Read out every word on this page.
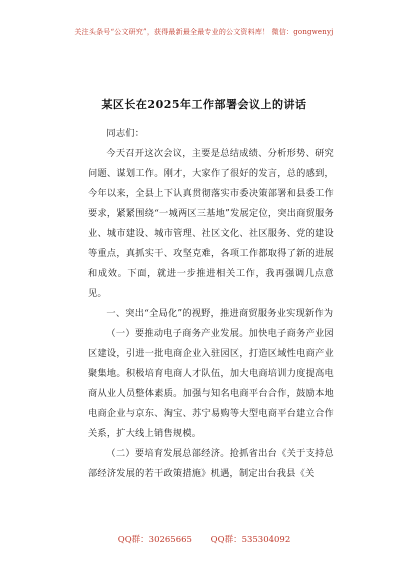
关注头条号“公文研究”，获得最新最全最专业的公文资料库！ 微信：gongwenyj
某区长在2025年工作部署会议上的讲话

同志们：

今天召开这次会议，主要是总结成绩、分析形势、研究问题、谋划工作。刚才，大家作了很好的发言，总的感到，今年以来，全县上下认真贯彻落实市委决策部署和县委工作要求，紧紧围绕“一城两区三基地”发展定位，突出商贸服务业、城市建设、城市管理、社区文化、社区服务、党的建设等重点，真抓实干、攻坚克难，各项工作都取得了新的进展和成效。下面，就进一步推进相关工作，我再强调几点意见。

一、突出“全局化”的视野，推进商贸服务业实现新作为

（一）要推动电子商务产业发展。加快电子商务产业园区建设，引进一批电商企业入驻园区，打造区域性电商产业聚集地。积极培育电商人才队伍，加大电商培训力度提高电商从业人员整体素质。加强与知名电商平台合作，鼓励本地电商企业与京东、淘宝、苏宁易购等大型电商平台建立合作关系，扩大线上销售规模。

（二）要培育发展总部经济。抢抓省出台《关于支持总部经济发展的若干政策措施》机遇，制定出台我县《关

QQ群：30265665 QQ群：535304092
